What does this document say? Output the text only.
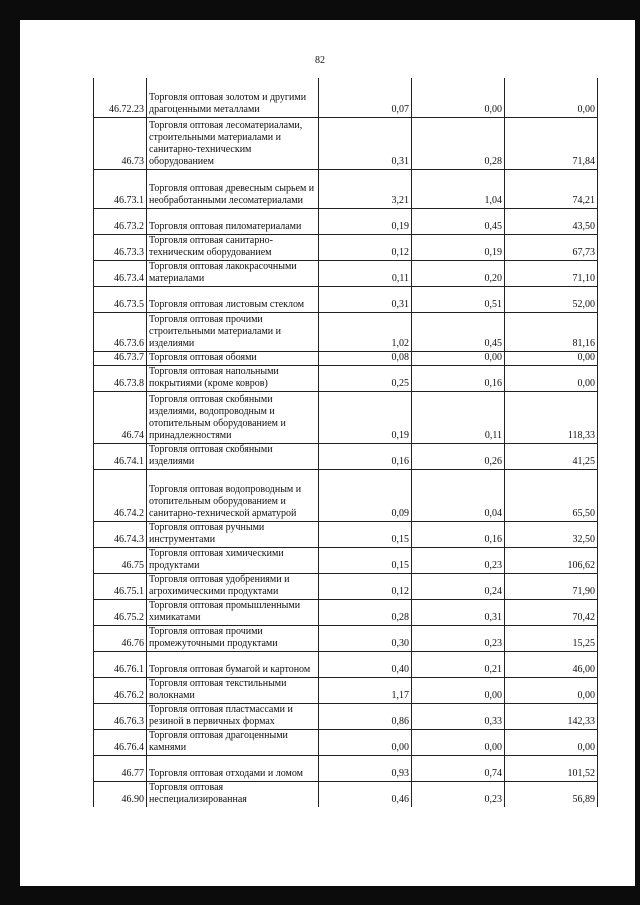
82
46.72.23	Торговля оптовая золотом и другими драгоценными металлами	0,07	0,00	0,00
46.73	Торговля оптовая лесоматериалами, строительными материалами и санитарно-техническим оборудованием	0,31	0,28	71,84
46.73.1	Торговля оптовая древесным сырьем и необработанными лесоматериалами	3,21	1,04	74,21
46.73.2	Торговля оптовая пиломатериалами	0,19	0,45	43,50
46.73.3	Торговля оптовая санитарно-техническим оборудованием	0,12	0,19	67,73
46.73.4	Торговля оптовая лакокрасочными материалами	0,11	0,20	71,10
46.73.5	Торговля оптовая листовым стеклом	0,31	0,51	52,00
46.73.6	Торговля оптовая прочими строительными материалами и изделиями	1,02	0,45	81,16
46.73.7	Торговля оптовая обоями	0,08	0,00	0,00
46.73.8	Торговля оптовая напольными покрытиями (кроме ковров)	0,25	0,16	0,00
46.74	Торговля оптовая скобяными изделиями, водопроводным и отопительным оборудованием и принадлежностями	0,19	0,11	118,33
46.74.1	Торговля оптовая скобяными изделиями	0,16	0,26	41,25
46.74.2	Торговля оптовая водопроводным и отопительным оборудованием и санитарно-технической арматурой	0,09	0,04	65,50
46.74.3	Торговля оптовая ручными инструментами	0,15	0,16	32,50
46.75	Торговля оптовая химическими продуктами	0,15	0,23	106,62
46.75.1	Торговля оптовая удобрениями и агрохимическими продуктами	0,12	0,24	71,90
46.75.2	Торговля оптовая промышленными химикатами	0,28	0,31	70,42
46.76	Торговля оптовая прочими промежуточными продуктами	0,30	0,23	15,25
46.76.1	Торговля оптовая бумагой и картоном	0,40	0,21	46,00
46.76.2	Торговля оптовая текстильными волокнами	1,17	0,00	0,00
46.76.3	Торговля оптовая пластмассами и резиной в первичных формах	0,86	0,33	142,33
46.76.4	Торговля оптовая драгоценными камнями	0,00	0,00	0,00
46.77	Торговля оптовая отходами и ломом	0,93	0,74	101,52
46.90	Торговля оптовая неспециализированная	0,46	0,23	56,89
